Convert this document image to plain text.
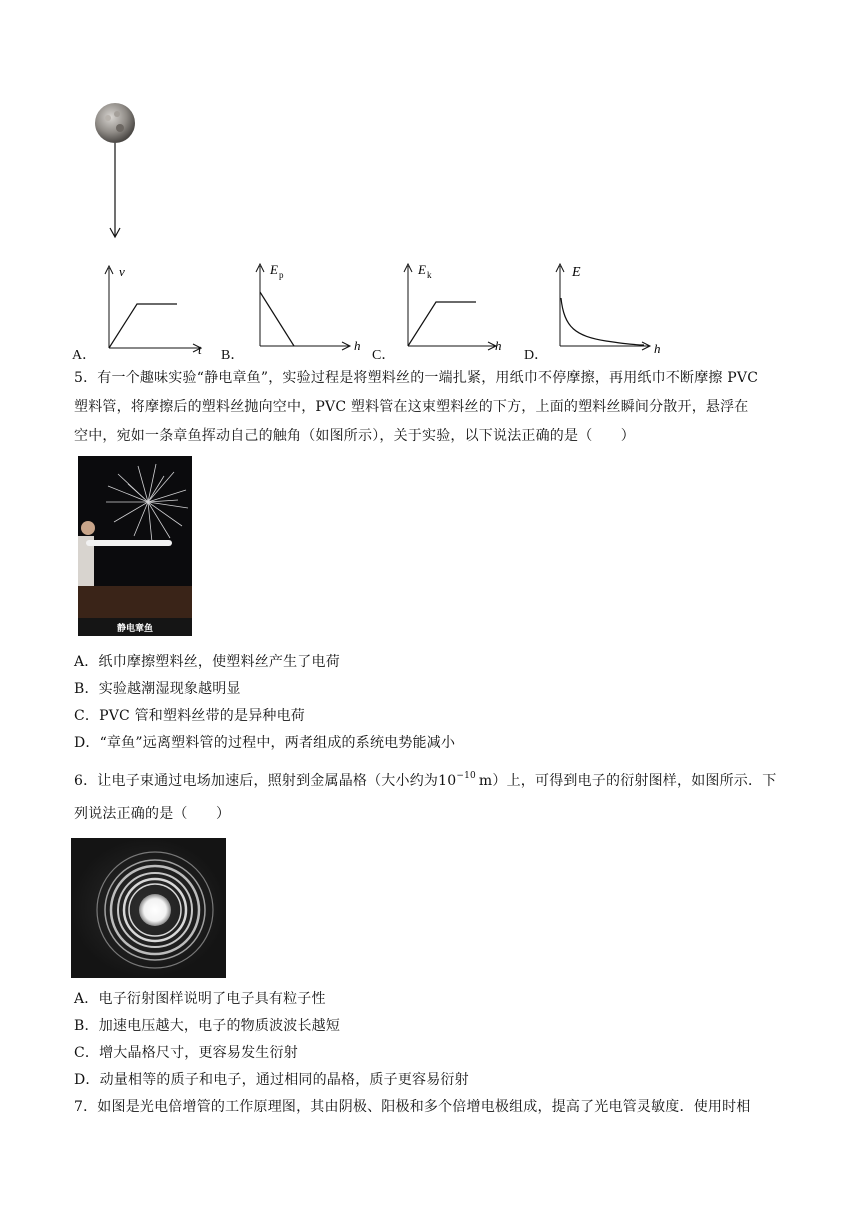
A．
v
t B．
E p
h
C．
E k
h
D．
E
h
5．有一个趣味实验“静电章鱼”，实验过程是将塑料丝的一端扎紧，用纸巾不停摩擦，再用纸巾不断摩擦 PVC
塑料管，将摩擦后的塑料丝抛向空中，PVC 塑料管在这束塑料丝的下方，上面的塑料丝瞬间分散开，悬浮在
空中，宛如一条章鱼挥动自己的触角（如图所示），关于实验，以下说法正确的是（　　）
静电章鱼
A．纸巾摩擦塑料丝，使塑料丝产生了电荷
B．实验越潮湿现象越明显
C．PVC 管和塑料丝带的是异种电荷
D．“章鱼”远离塑料管的过程中，两者组成的系统电势能减小
6．让电子束通过电场加速后，照射到金属晶格（大小约为$10^{-10}$ m）上，可得到电子的衍射图样，如图所示．下
列说法正确的是（　　）
A．电子衍射图样说明了电子具有粒子性
B．加速电压越大，电子的物质波波长越短
C．增大晶格尺寸，更容易发生衍射
D．动量相等的质子和电子，通过相同的晶格，质子更容易衍射
7．如图是光电倍增管的工作原理图，其由阴极、阳极和多个倍增电极组成，提高了光电管灵敏度．使用时相
